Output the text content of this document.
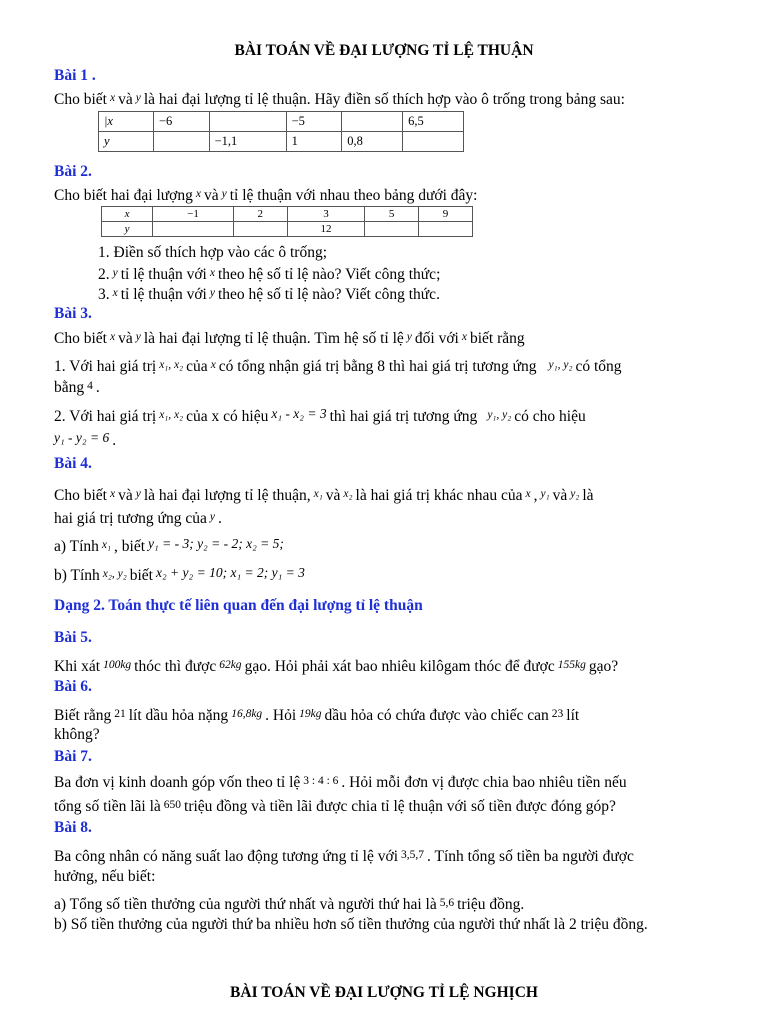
BÀI TOÁN VỀ ĐẠI LƯỢNG TỈ LỆ THUẬN
Bài 1 .
Cho biết x và y là hai đại lượng tỉ lệ thuận. Hãy điền số thích hợp vào ô trống trong bảng sau:
|x	−6		−5		6,5
y		−1,1	1	0,8	
Bài 2.
Cho biết hai đại lượng x và y tỉ lệ thuận với nhau theo bảng dưới đây:
x	−1	2	3	5	9
y			12		
1. Điền số thích hợp vào các ô trống;
2. y tỉ lệ thuận với x theo hệ số tỉ lệ nào? Viết công thức;
3. x tỉ lệ thuận với y theo hệ số tỉ lệ nào? Viết công thức.
Bài 3.
Cho biết x và y là hai đại lượng tỉ lệ thuận. Tìm hệ số tỉ lệ y đối với x biết rằng
1. Với hai giá trị x₁, x₂ của x có tổng nhận giá trị bằng 8 thì hai giá trị tương ứng y₁, y₂ có tổng
bằng 4 .
2. Với hai giá trị x₁, x₂ của x có hiệu x₁ - x₂ = 3 thì hai giá trị tương ứng y₁, y₂ có cho hiệu
y₁ - y₂ = 6 .
Bài 4.
Cho biết x và y là hai đại lượng tỉ lệ thuận, x₁ và x₂ là hai giá trị khác nhau của x , y₁ và y₂ là
hai giá trị tương ứng của y .
a) Tính x₁ , biết y₁ = - 3; y₂ = - 2; x₂ = 5;
b) Tính x₂, y₂ biết x₂ + y₂ = 10; x₁ = 2; y₁ = 3
Dạng 2. Toán thực tế liên quan đến đại lượng tỉ lệ thuận
Bài 5.
Khi xát 100kg thóc thì được 62kg gạo. Hỏi phải xát bao nhiêu kilôgam thóc để được 155kg gạo?
Bài 6.
Biết rằng 21 lít dầu hỏa nặng 16,8kg . Hỏi 19kg dầu hỏa có chứa được vào chiếc can 23 lít
không?
Bài 7.
Ba đơn vị kinh doanh góp vốn theo tỉ lệ 3 : 4 : 6 . Hỏi mỗi đơn vị được chia bao nhiêu tiền nếu
tổng số tiền lãi là 650 triệu đồng và tiền lãi được chia tỉ lệ thuận với số tiền được đóng góp?
Bài 8.
Ba công nhân có năng suất lao động tương ứng tỉ lệ với 3,5,7 . Tính tổng số tiền ba người được
hưởng, nếu biết:
a) Tổng số tiền thưởng của người thứ nhất và người thứ hai là 5,6 triệu đồng.
b) Số tiền thưởng của người thứ ba nhiều hơn số tiền thưởng của người thứ nhất là 2 triệu đồng.
BÀI TOÁN VỀ ĐẠI LƯỢNG TỈ LỆ NGHỊCH
